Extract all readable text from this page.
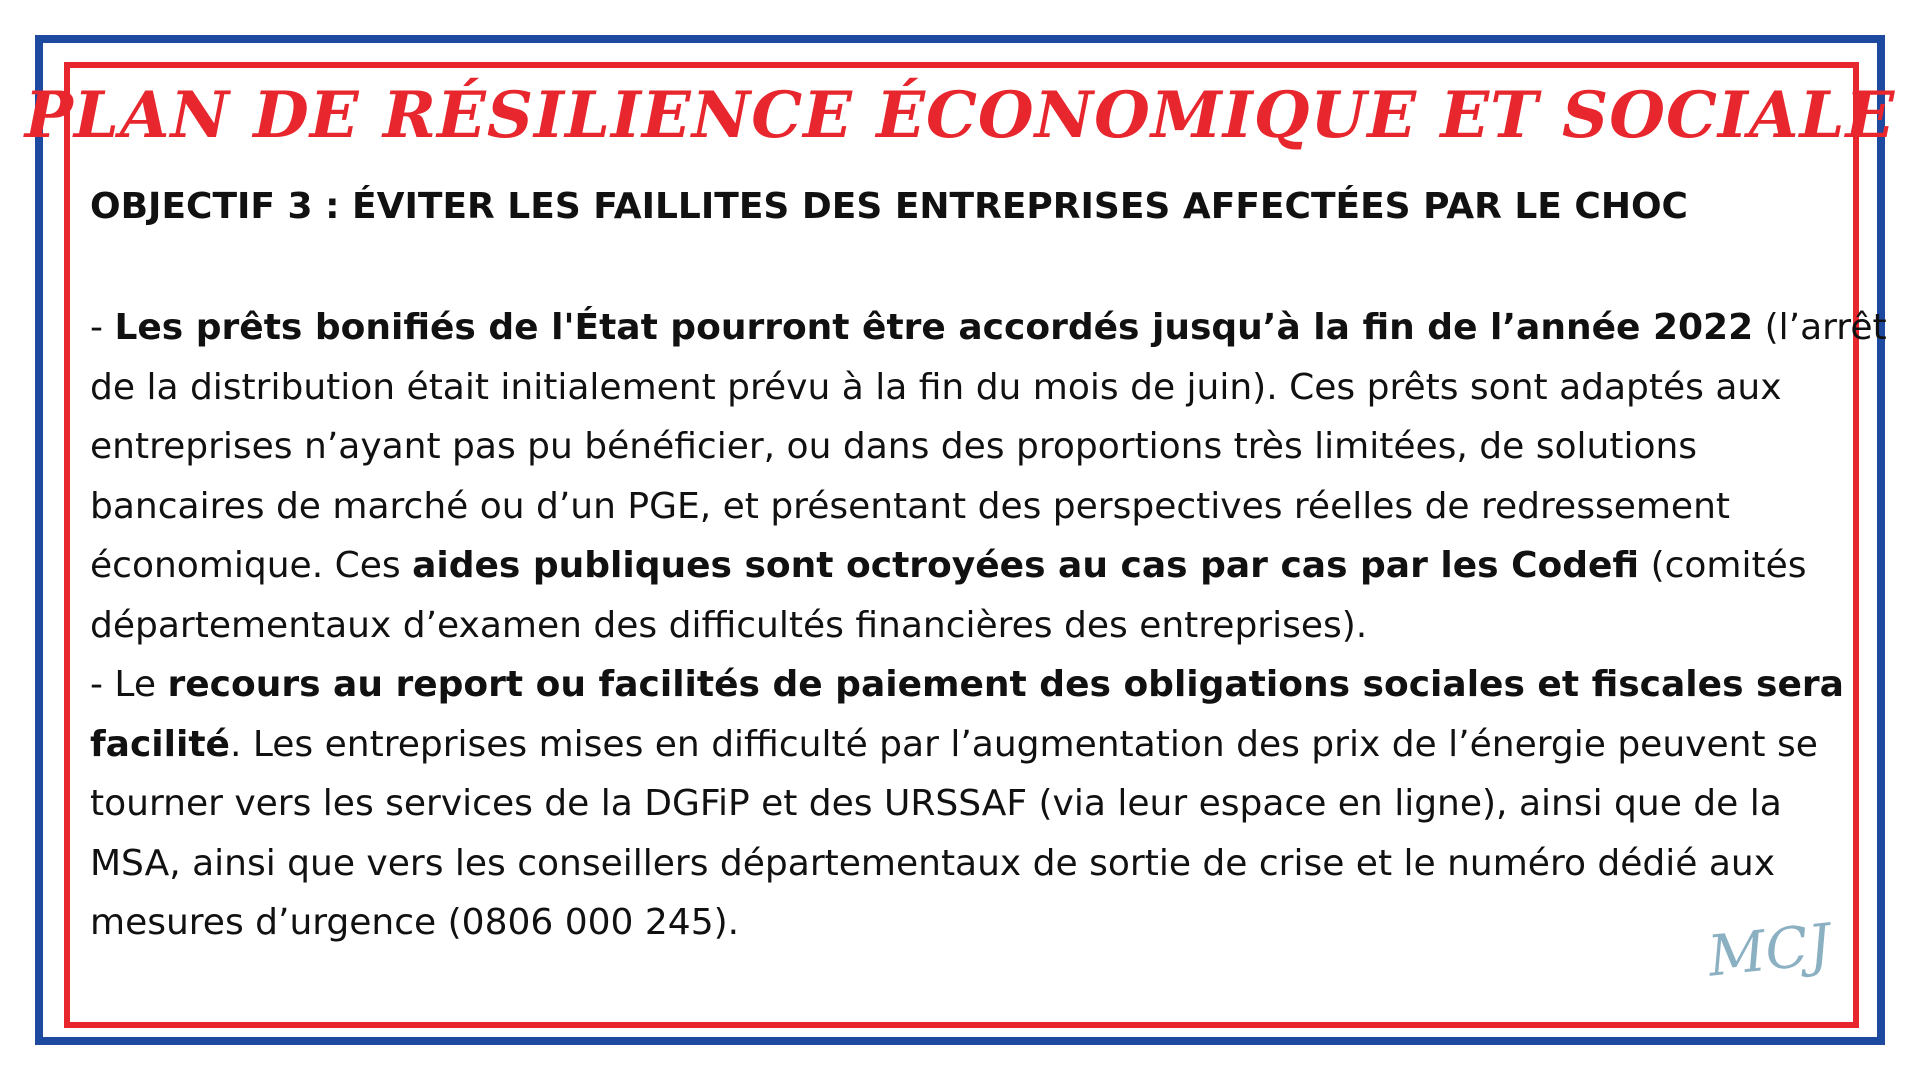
PLAN DE RÉSILIENCE ÉCONOMIQUE ET SOCIALE
OBJECTIF 3 : ÉVITER LES FAILLITES DES ENTREPRISES AFFECTÉES PAR LE CHOC
- Les prêts bonifiés de l'État pourront être accordés jusqu’à la fin de l’année 2022 (l’arrêt
de la distribution était initialement prévu à la fin du mois de juin). Ces prêts sont adaptés aux
entreprises n’ayant pas pu bénéficier, ou dans des proportions très limitées, de solutions
bancaires de marché ou d’un PGE, et présentant des perspectives réelles de redressement
économique. Ces aides publiques sont octroyées au cas par cas par les Codefi (comités
départementaux d’examen des difficultés financières des entreprises).
- Le recours au report ou facilités de paiement des obligations sociales et fiscales sera
facilité. Les entreprises mises en difficulté par l’augmentation des prix de l’énergie peuvent se
tourner vers les services de la DGFiP et des URSSAF (via leur espace en ligne), ainsi que de la
MSA, ainsi que vers les conseillers départementaux de sortie de crise et le numéro dédié aux
mesures d’urgence (0806 000 245).	MCJ
